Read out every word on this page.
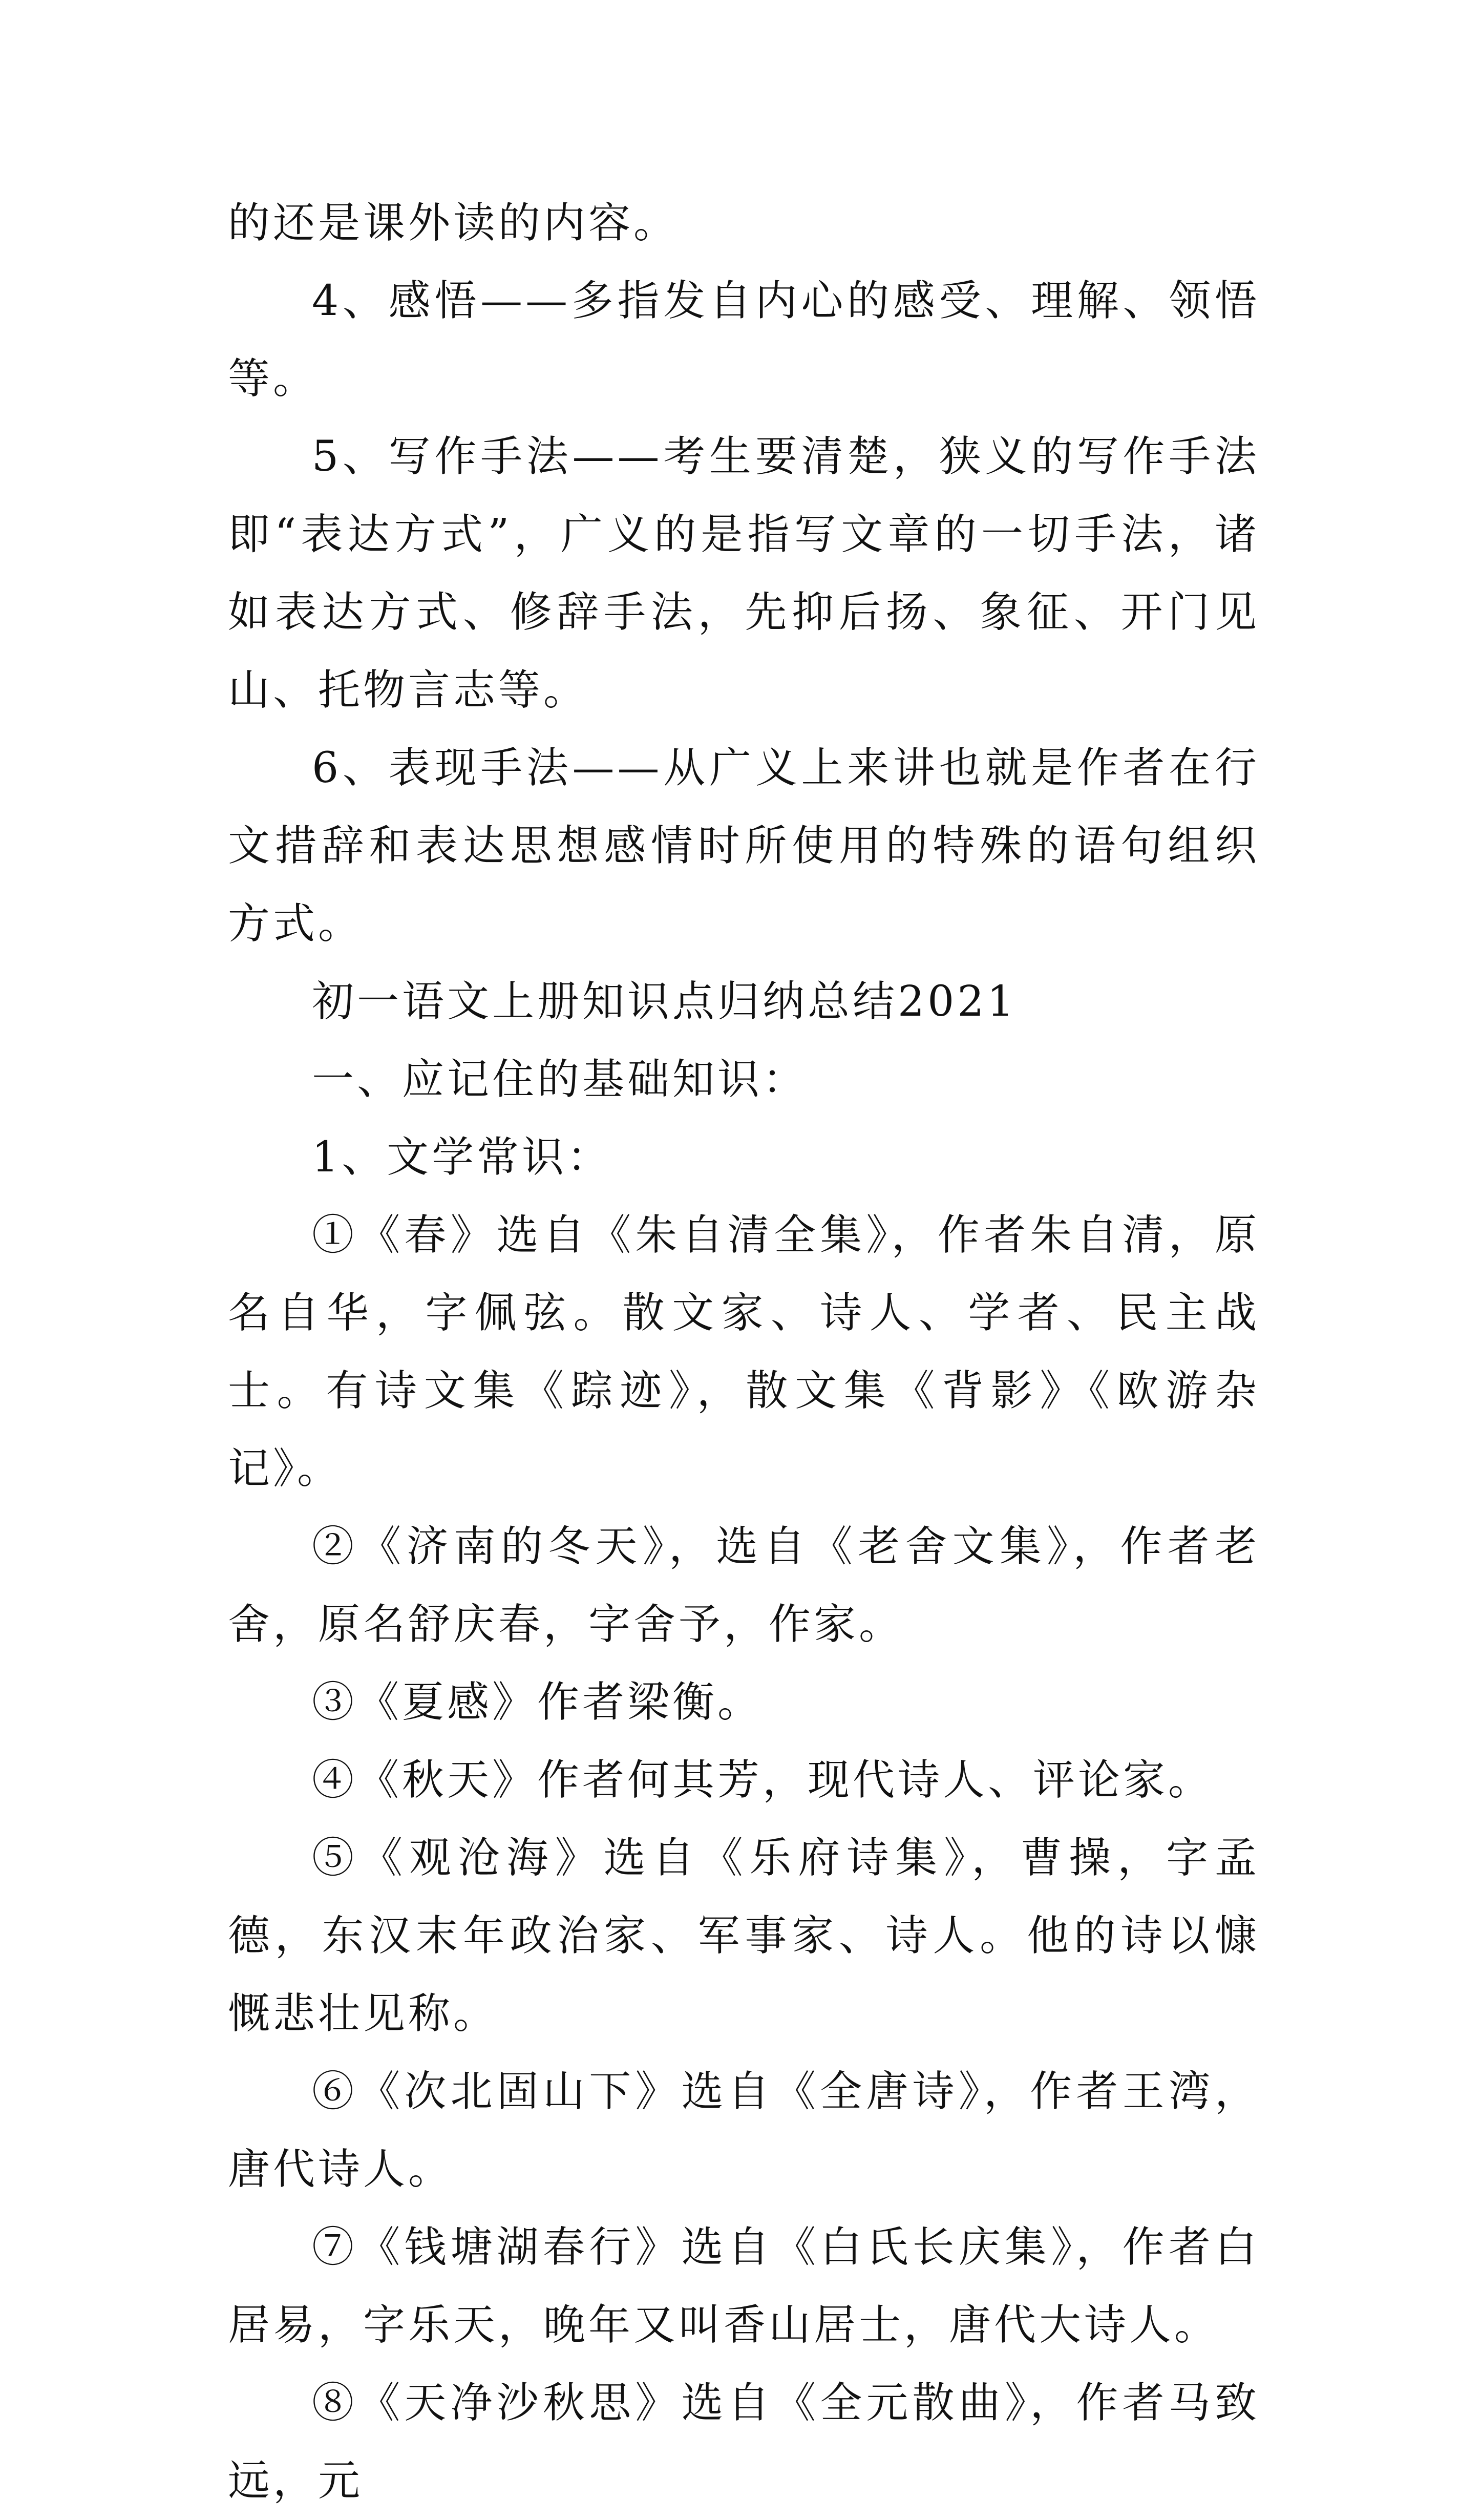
的还是课外读的内容。

4、感悟——多指发自内心的感受、理解、领悟等。

5、写作手法——考生要清楚，狭义的写作手法即“表达方式”，广义的是指写文章的一切手法，诸如表达方式、修辞手法，先抑后扬、象征、开门见山、托物言志等。

6、表现手法——从广义上来讲也就是作者在行文措辞和表达思想感情时所使用的特殊的语句组织方式。

初一语文上册知识点归纳总结2021

一、应记住的基础知识：

1、文学常识：

①《春》选自《朱自清全集》，作者朱自清，原名自华，字佩弦。散文家、诗人、学者、民主战士。有诗文集《踪迹》，散文集《背影》《欧游杂记》。

②《济南的冬天》，选自《老舍文集》，作者老舍，原名舒庆春，字舍予，作家。

③《夏感》作者梁衡。

④《秋天》作者何其芳，现代诗人、评论家。

⑤《观沧海》选自《乐府诗集》，曹操，字孟德，东汉末年政治家、军事家、诗人。他的诗以慷慨悲壮见称。

⑥《次北固山下》选自《全唐诗》，作者王湾，唐代诗人。

⑦《钱塘湖春行》选自《白氏长庆集》，作者白居易，字乐天，晚年又叫香山居士，唐代大诗人。

⑧《天净沙秋思》选自《全元散曲》，作者马致远，元
